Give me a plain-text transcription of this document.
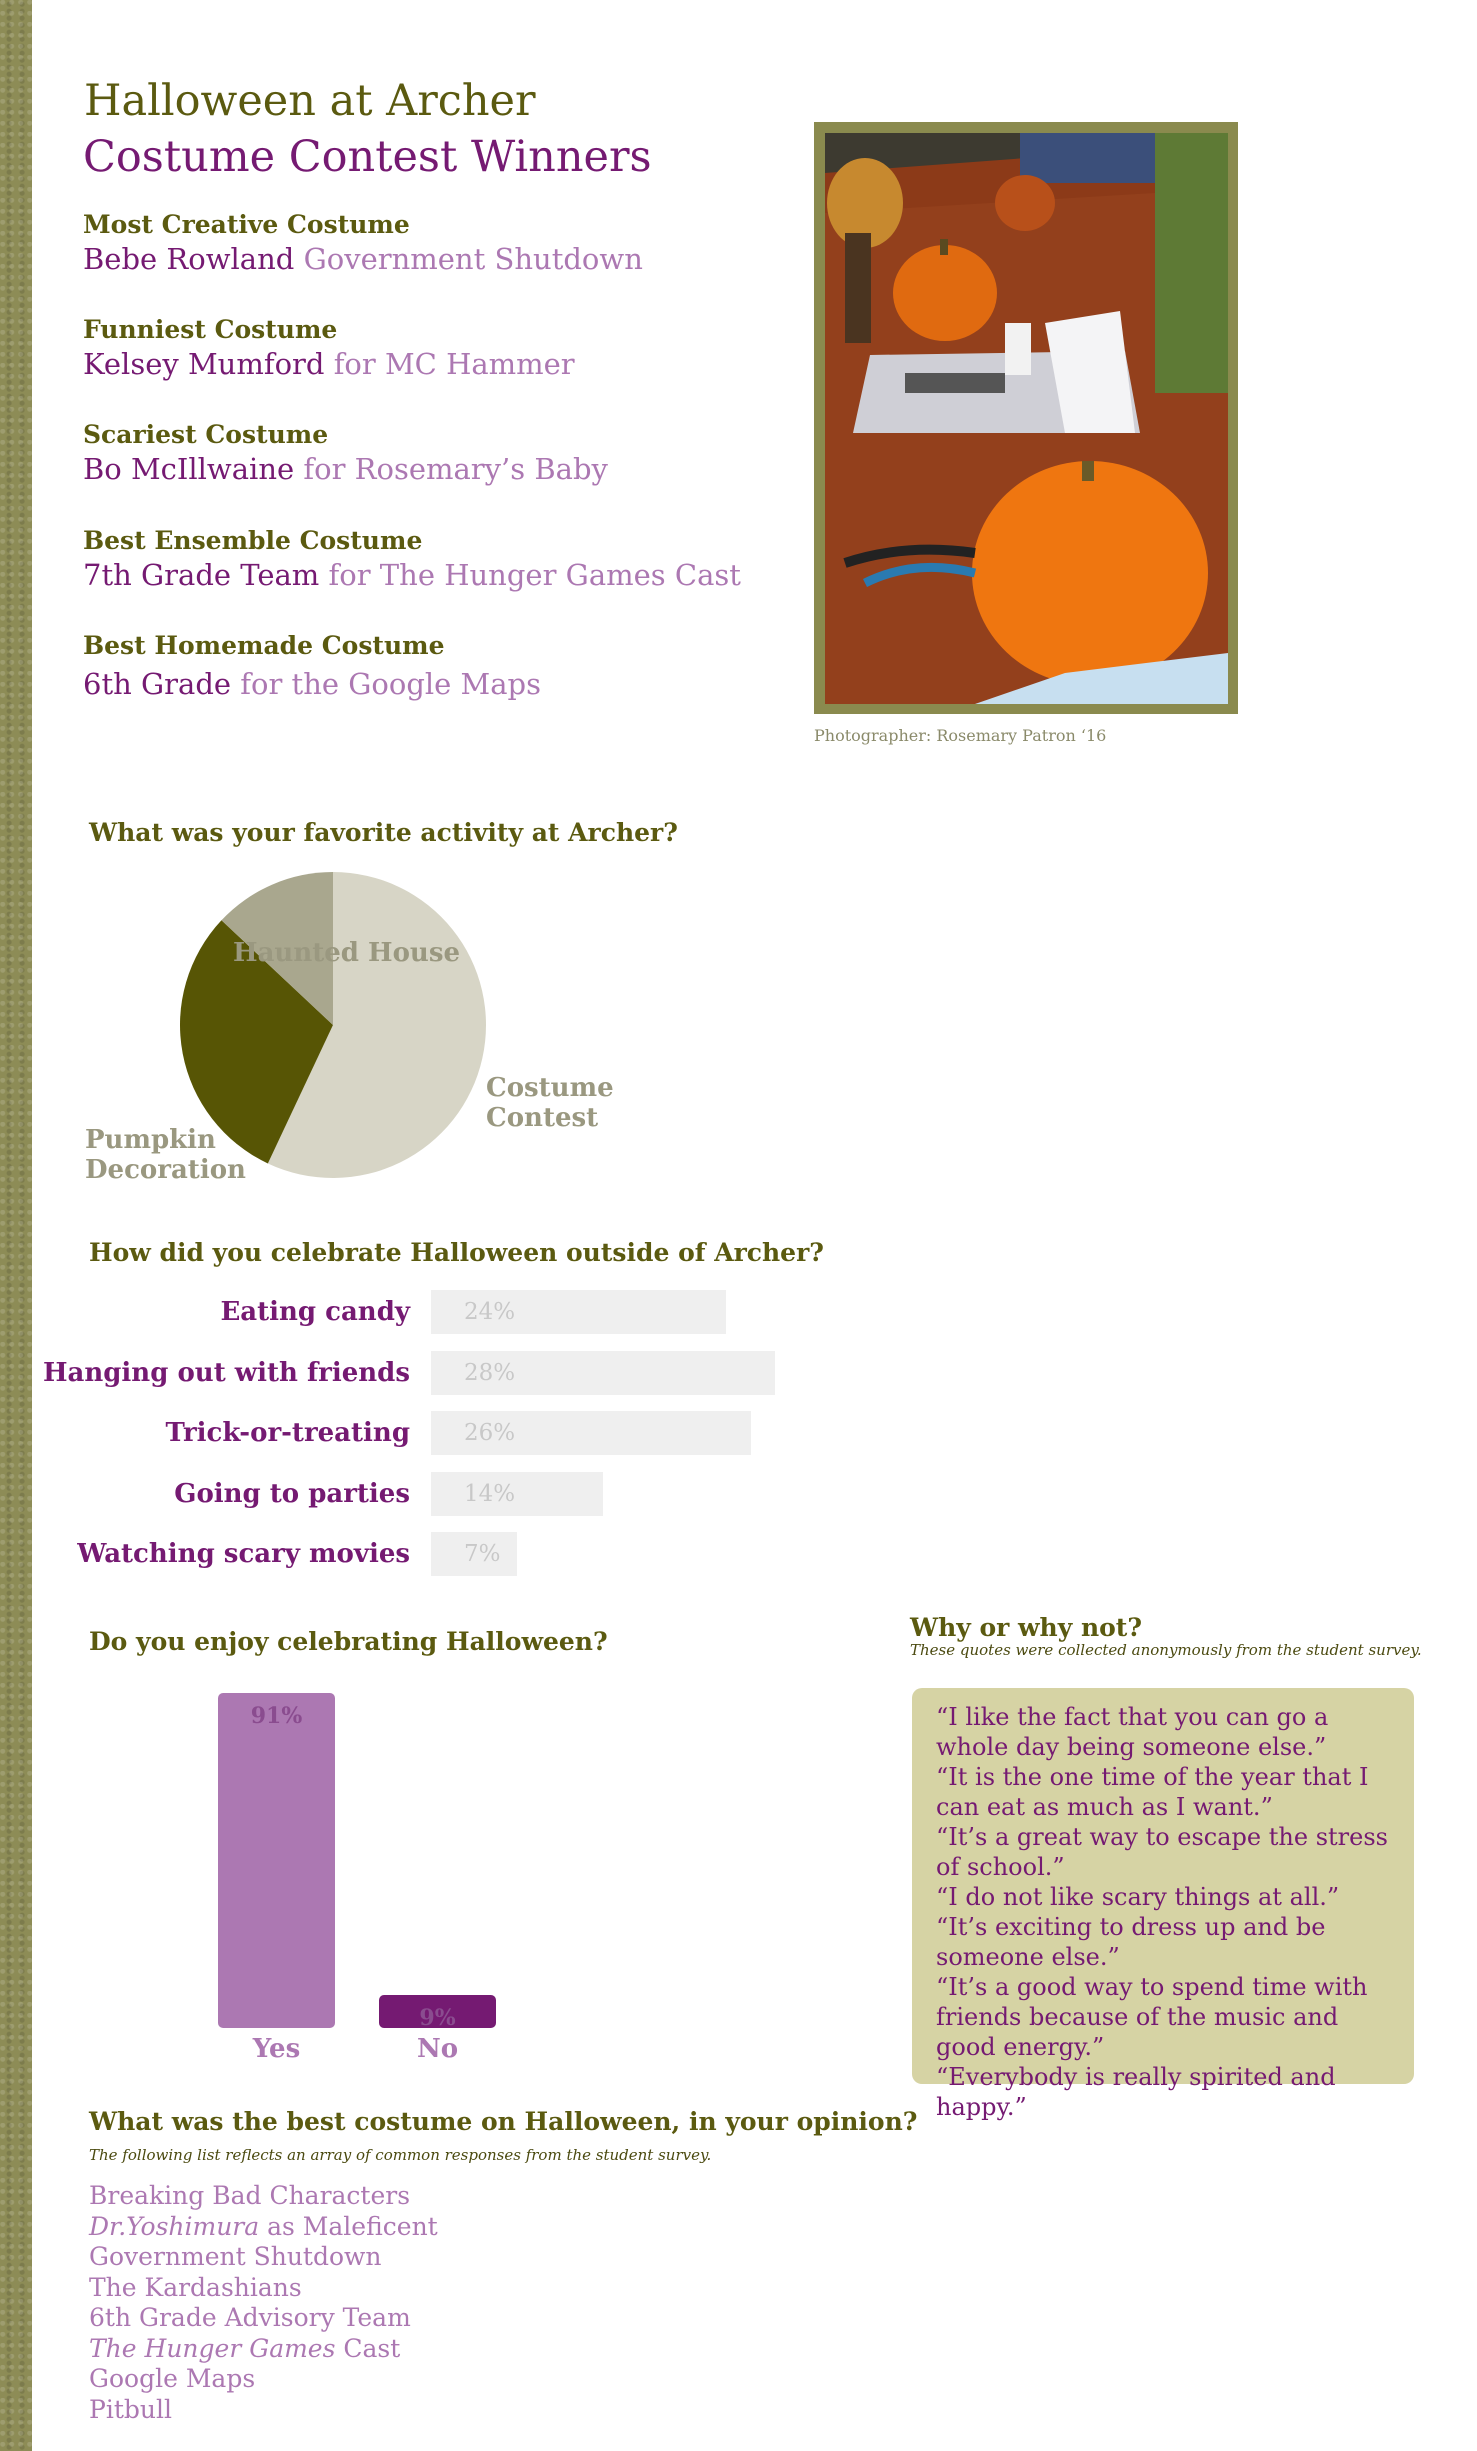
Halloween at Archer
Costume Contest Winners
Most Creative Costume
Bebe Rowland Government Shutdown
Funniest Costume
Kelsey Mumford for MC Hammer
Scariest Costume
Bo McIllwaine for Rosemary’s Baby
Best Ensemble Costume
7th Grade Team for The Hunger Games Cast
Best Homemade Costume
6th Grade for the Google Maps
Photographer: Rosemary Patron ‘16
What was your favorite activity at Archer?
Haunted House
Costume
Contest
Pumpkin
Decoration
How did you celebrate Halloween outside of Archer?
Eating candy 24%
Hanging out with friends 28%
Trick-or-treating 26%
Going to parties 14%
Watching scary movies 7%
Do you enjoy celebrating Halloween?
91%
Yes
9%
No
Why or why not?
These quotes were collected anonymously from the student survey.
“I like the fact that you can go a whole day being someone else.”
“It is the one time of the year that I can eat as much as I want.”
“It’s a great way to escape the stress of school.”
“I do not like scary things at all.”
“It’s exciting to dress up and be someone else.”
“It’s a good way to spend time with friends because of the music and good energy.”
“Everybody is really spirited and happy.”
What was the best costume on Halloween, in your opinion?
The following list reflects an array of common responses from the student survey.
Breaking Bad Characters
Dr.Yoshimura as Maleficent
Government Shutdown
The Kardashians
6th Grade Advisory Team
The Hunger Games Cast
Google Maps
Pitbull
